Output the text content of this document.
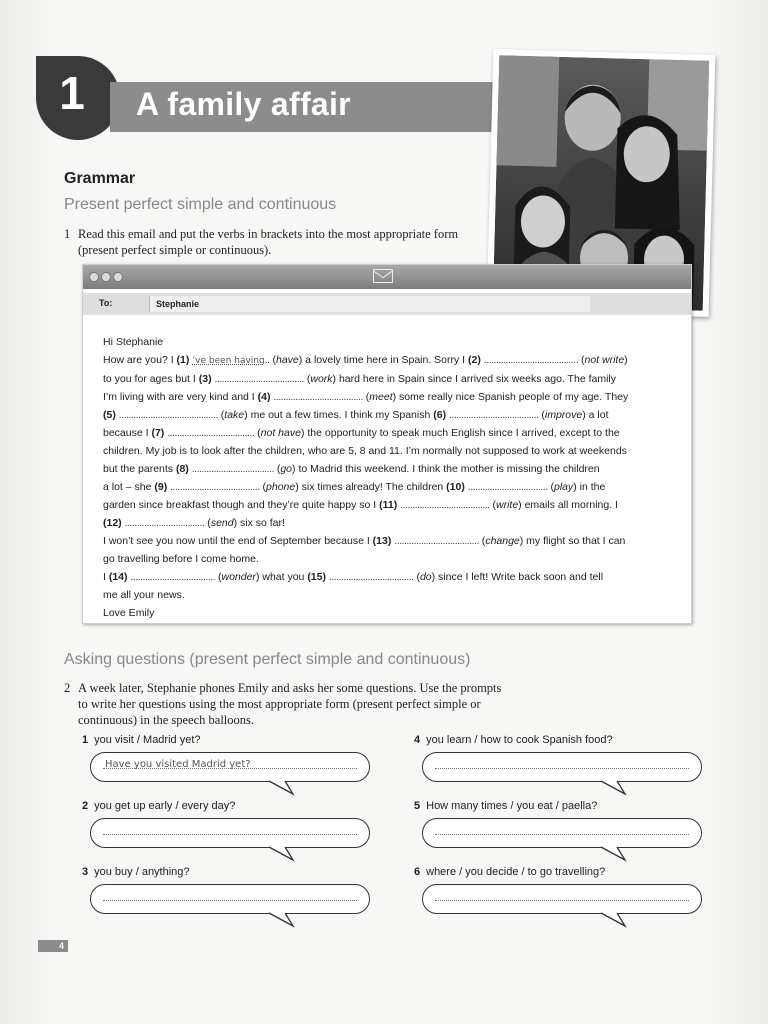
1 A family affair
Grammar
Present perfect simple and continuous
1 Read this email and put the verbs in brackets into the most appropriate form (present perfect simple or continuous).
To:	Stephanie

Hi Stephanie

How are you? I (1) ’ve been having.. (have) a lovely time here in Spain. Sorry I (2) ....................................... (not write)

to you for ages but I (3) ..................................... (work) hard here in Spain since I arrived six weeks ago. The family

I’m living with are very kind and I (4) ..................................... (meet) some really nice Spanish people of my age. They

(5) ......................................... (take) me out a few times. I think my Spanish (6) ..................................... (improve) a lot

because I (7) .................................... (not have) the opportunity to speak much English since I arrived, except to the

children. My job is to look after the children, who are 5, 8 and 11. I’m normally not supposed to work at weekends

but the parents (8) .................................. (go) to Madrid this weekend. I think the mother is missing the children

a lot – she (9) ..................................... (phone) six times already! The children (10) ................................. (play) in the

garden since breakfast though and they’re quite happy so I (11) ..................................... (write) emails all morning. I

(12) ................................. (send) six so far!

I won’t see you now until the end of September because I (13) ................................... (change) my flight so that I can

go travelling before I come home.

I (14) ................................... (wonder) what you (15) ................................... (do) since I left! Write back soon and tell

me all your news.

Love Emily

Asking questions (present perfect simple and continuous)
2 A week later, Stephanie phones Emily and asks her some questions. Use the prompts to write her questions using the most appropriate form (present perfect simple or continuous) in the speech balloons.
1 you visit / Madrid yet?
Have you visited Madrid yet?
2 you get up early / every day?
3 you buy / anything?
4 you learn / how to cook Spanish food?
5 How many times / you eat / paella?
6 where / you decide / to go travelling?
4
